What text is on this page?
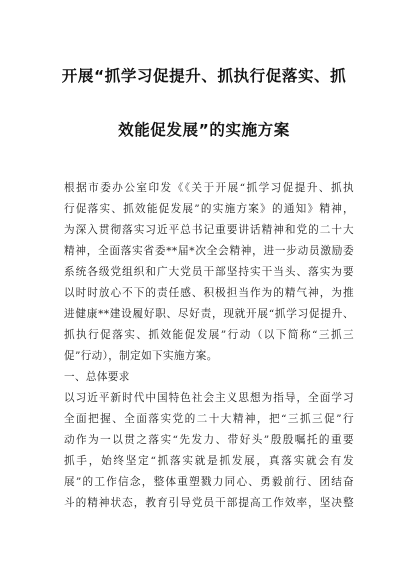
开展“抓学习促提升、抓执行促落实、抓
效能促发展”的实施方案
根据市委办公室印发《《关于开展“抓学习促提升、抓执
行促落实、抓效能促发展”的实施方案》的通知》精神，
为深入贯彻落实习近平总书记重要讲话精神和党的二十大
精神，全面落实省委**届*次全会精神，进一步动员激励委
系统各级党组织和广大党员干部坚持实干当头、落实为要
以时时放心不下的责任感、积极担当作为的精气神，为推
进健康**建设履好职、尽好责，现就开展“抓学习促提升、
抓执行促落实、抓效能促发展”行动（以下简称“三抓三
促”行动），制定如下实施方案。
一、总体要求
以习近平新时代中国特色社会主义思想为指导，全面学习
全面把握、全面落实党的二十大精神，把“三抓三促”行
动作为一以贯之落实“先发力、带好头”殷殷嘱托的重要
抓手，始终坚定“抓落实就是抓发展，真落实就会有发
展”的工作信念，整体重塑戮力同心、勇毅前行、团结奋
斗的精神状态，教育引导党员干部提高工作效率，坚决整
